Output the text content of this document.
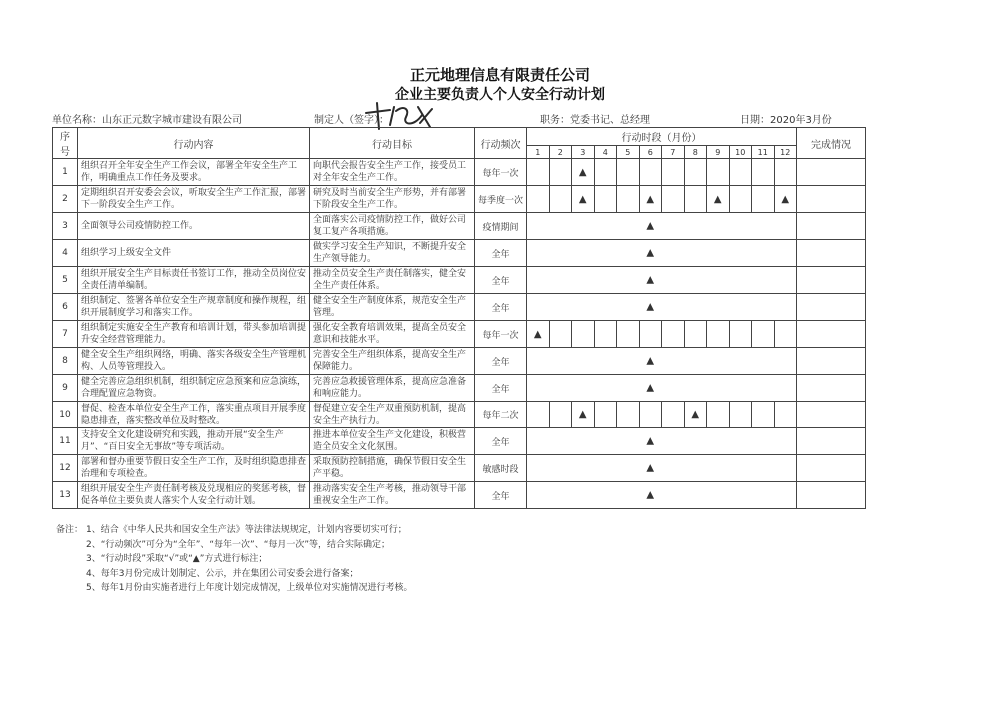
正元地理信息有限责任公司
企业主要负责人个人安全行动计划
单位名称：山东正元数字城市建设有限公司	制定人（签字）：	职务：党委书记、总经理	日期：2020年3月份
序号	行动内容	行动目标	行动频次	行动时段（月份）												完成情况
				1	2	3	4	5	6	7	8	9	10	11	12	
1	组织召开全年安全生产工作会议，部署全年安全生产工作，明确重点工作任务及要求。	向职代会报告安全生产工作，接受员工对全年安全生产工作。	每年一次			▲										
2	定期组织召开安委会会议，听取安全生产工作汇报，部署下一阶段安全生产工作。	研究及时当前安全生产形势，并有部署下阶段安全生产工作。	每季度一次			▲			▲			▲			▲	
3	全面领导公司疫情防控工作。	全面落实公司疫情防控工作，做好公司复工复产各项措施。	疫情期间	▲												

4	组织学习上级安全文件	做实学习安全生产知识，不断提升安全生产领导能力。	全年	▲												

5	组织开展安全生产目标责任书签订工作，推动全员岗位安全责任清单编制。	推动全员安全生产责任制落实，健全安全生产责任体系。	全年	▲												

6	组织制定、签署各单位安全生产规章制度和操作规程，组织开展制度学习和落实工作。	健全安全生产制度体系，规范安全生产管理。	全年	▲												

7	组织制定实施安全生产教育和培训计划，带头参加培训提升安全经营管理能力。	强化安全教育培训效果，提高全员安全意识和技能水平。	每年一次	▲												
8	健全安全生产组织网络，明确、落实各级安全生产管理机构、人员等管理投入。	完善安全生产组织体系，提高安全生产保障能力。	全年	▲												

9	健全完善应急组织机制，组织制定应急预案和应急演练，合理配置应急物资。	完善应急救援管理体系，提高应急准备和响应能力。	全年	▲												

10	督促、检查本单位安全生产工作，落实重点项目开展季度隐患排查，落实整改单位及时整改。	督促建立安全生产双重预防机制，提高安全生产执行力。	每年二次			▲					▲					
11	支持安全文化建设研究和实践，推动开展“安全生产月”、“百日安全无事故”等专项活动。	推进本单位安全生产文化建设，积极营造全员安全文化氛围。	全年	▲												

12	部署和督办重要节假日安全生产工作，及时组织隐患排查治理和专项检查。	采取预防控制措施，确保节假日安全生产平稳。	敏感时段	▲												

13	组织开展安全生产责任制考核及兑现相应的奖惩考核，督促各单位主要负责人落实个人安全行动计划。	推动落实安全生产考核，推动领导干部重视安全生产工作。	全年	▲												

备注： 1、结合《中华人民共和国安全生产法》等法律法规规定，计划内容要切实可行；
2、“行动频次”可分为“全年”、“每年一次”、“每月一次”等，结合实际确定；
3、“行动时段”采取“√”或“▲”方式进行标注；
4、每年3月份完成计划制定、公示，并在集团公司安委会进行备案；
5、每年1月份由实施者进行上年度计划完成情况，上级单位对实施情况进行考核。
